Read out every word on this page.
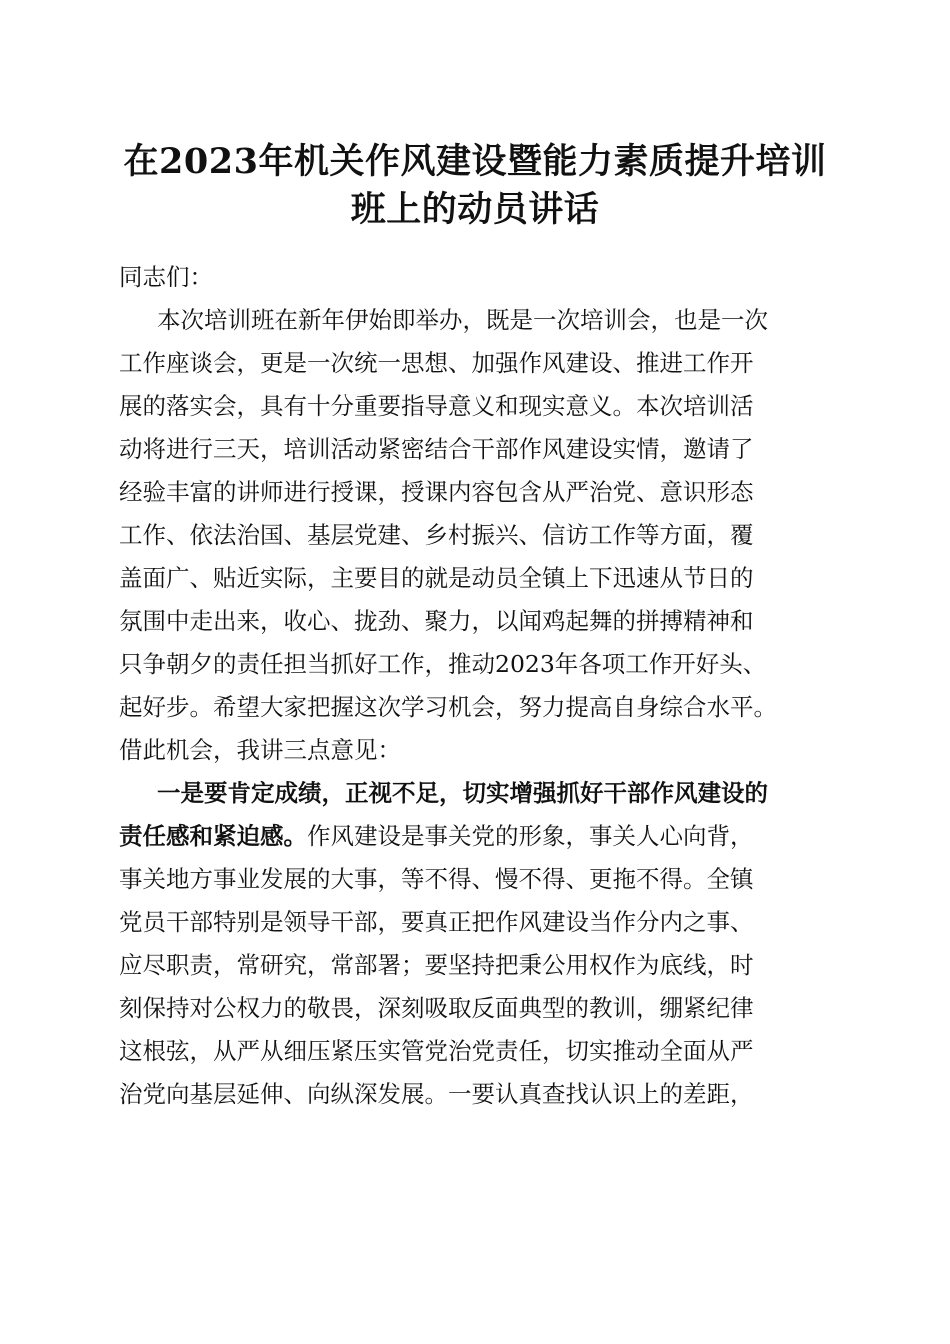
在2023年机关作风建设暨能力素质提升培训
班上的动员讲话
同志们：
本次培训班在新年伊始即举办，既是一次培训会，也是一次
工作座谈会，更是一次统一思想、加强作风建设、推进工作开
展的落实会，具有十分重要指导意义和现实意义。本次培训活
动将进行三天，培训活动紧密结合干部作风建设实情，邀请了
经验丰富的讲师进行授课，授课内容包含从严治党、意识形态
工作、依法治国、基层党建、乡村振兴、信访工作等方面，覆
盖面广、贴近实际，主要目的就是动员全镇上下迅速从节日的
氛围中走出来，收心、拢劲、聚力，以闻鸡起舞的拼搏精神和
只争朝夕的责任担当抓好工作，推动2023年各项工作开好头、
起好步。希望大家把握这次学习机会，努力提高自身综合水平。
借此机会，我讲三点意见：
一是要肯定成绩，正视不足，切实增强抓好干部作风建设的
责任感和紧迫感。作风建设是事关党的形象，事关人心向背，
事关地方事业发展的大事，等不得、慢不得、更拖不得。全镇
党员干部特别是领导干部，要真正把作风建设当作分内之事、
应尽职责，常研究，常部署；要坚持把秉公用权作为底线，时
刻保持对公权力的敬畏，深刻吸取反面典型的教训，绷紧纪律
这根弦，从严从细压紧压实管党治党责任，切实推动全面从严
治党向基层延伸、向纵深发展。一要认真查找认识上的差距，
